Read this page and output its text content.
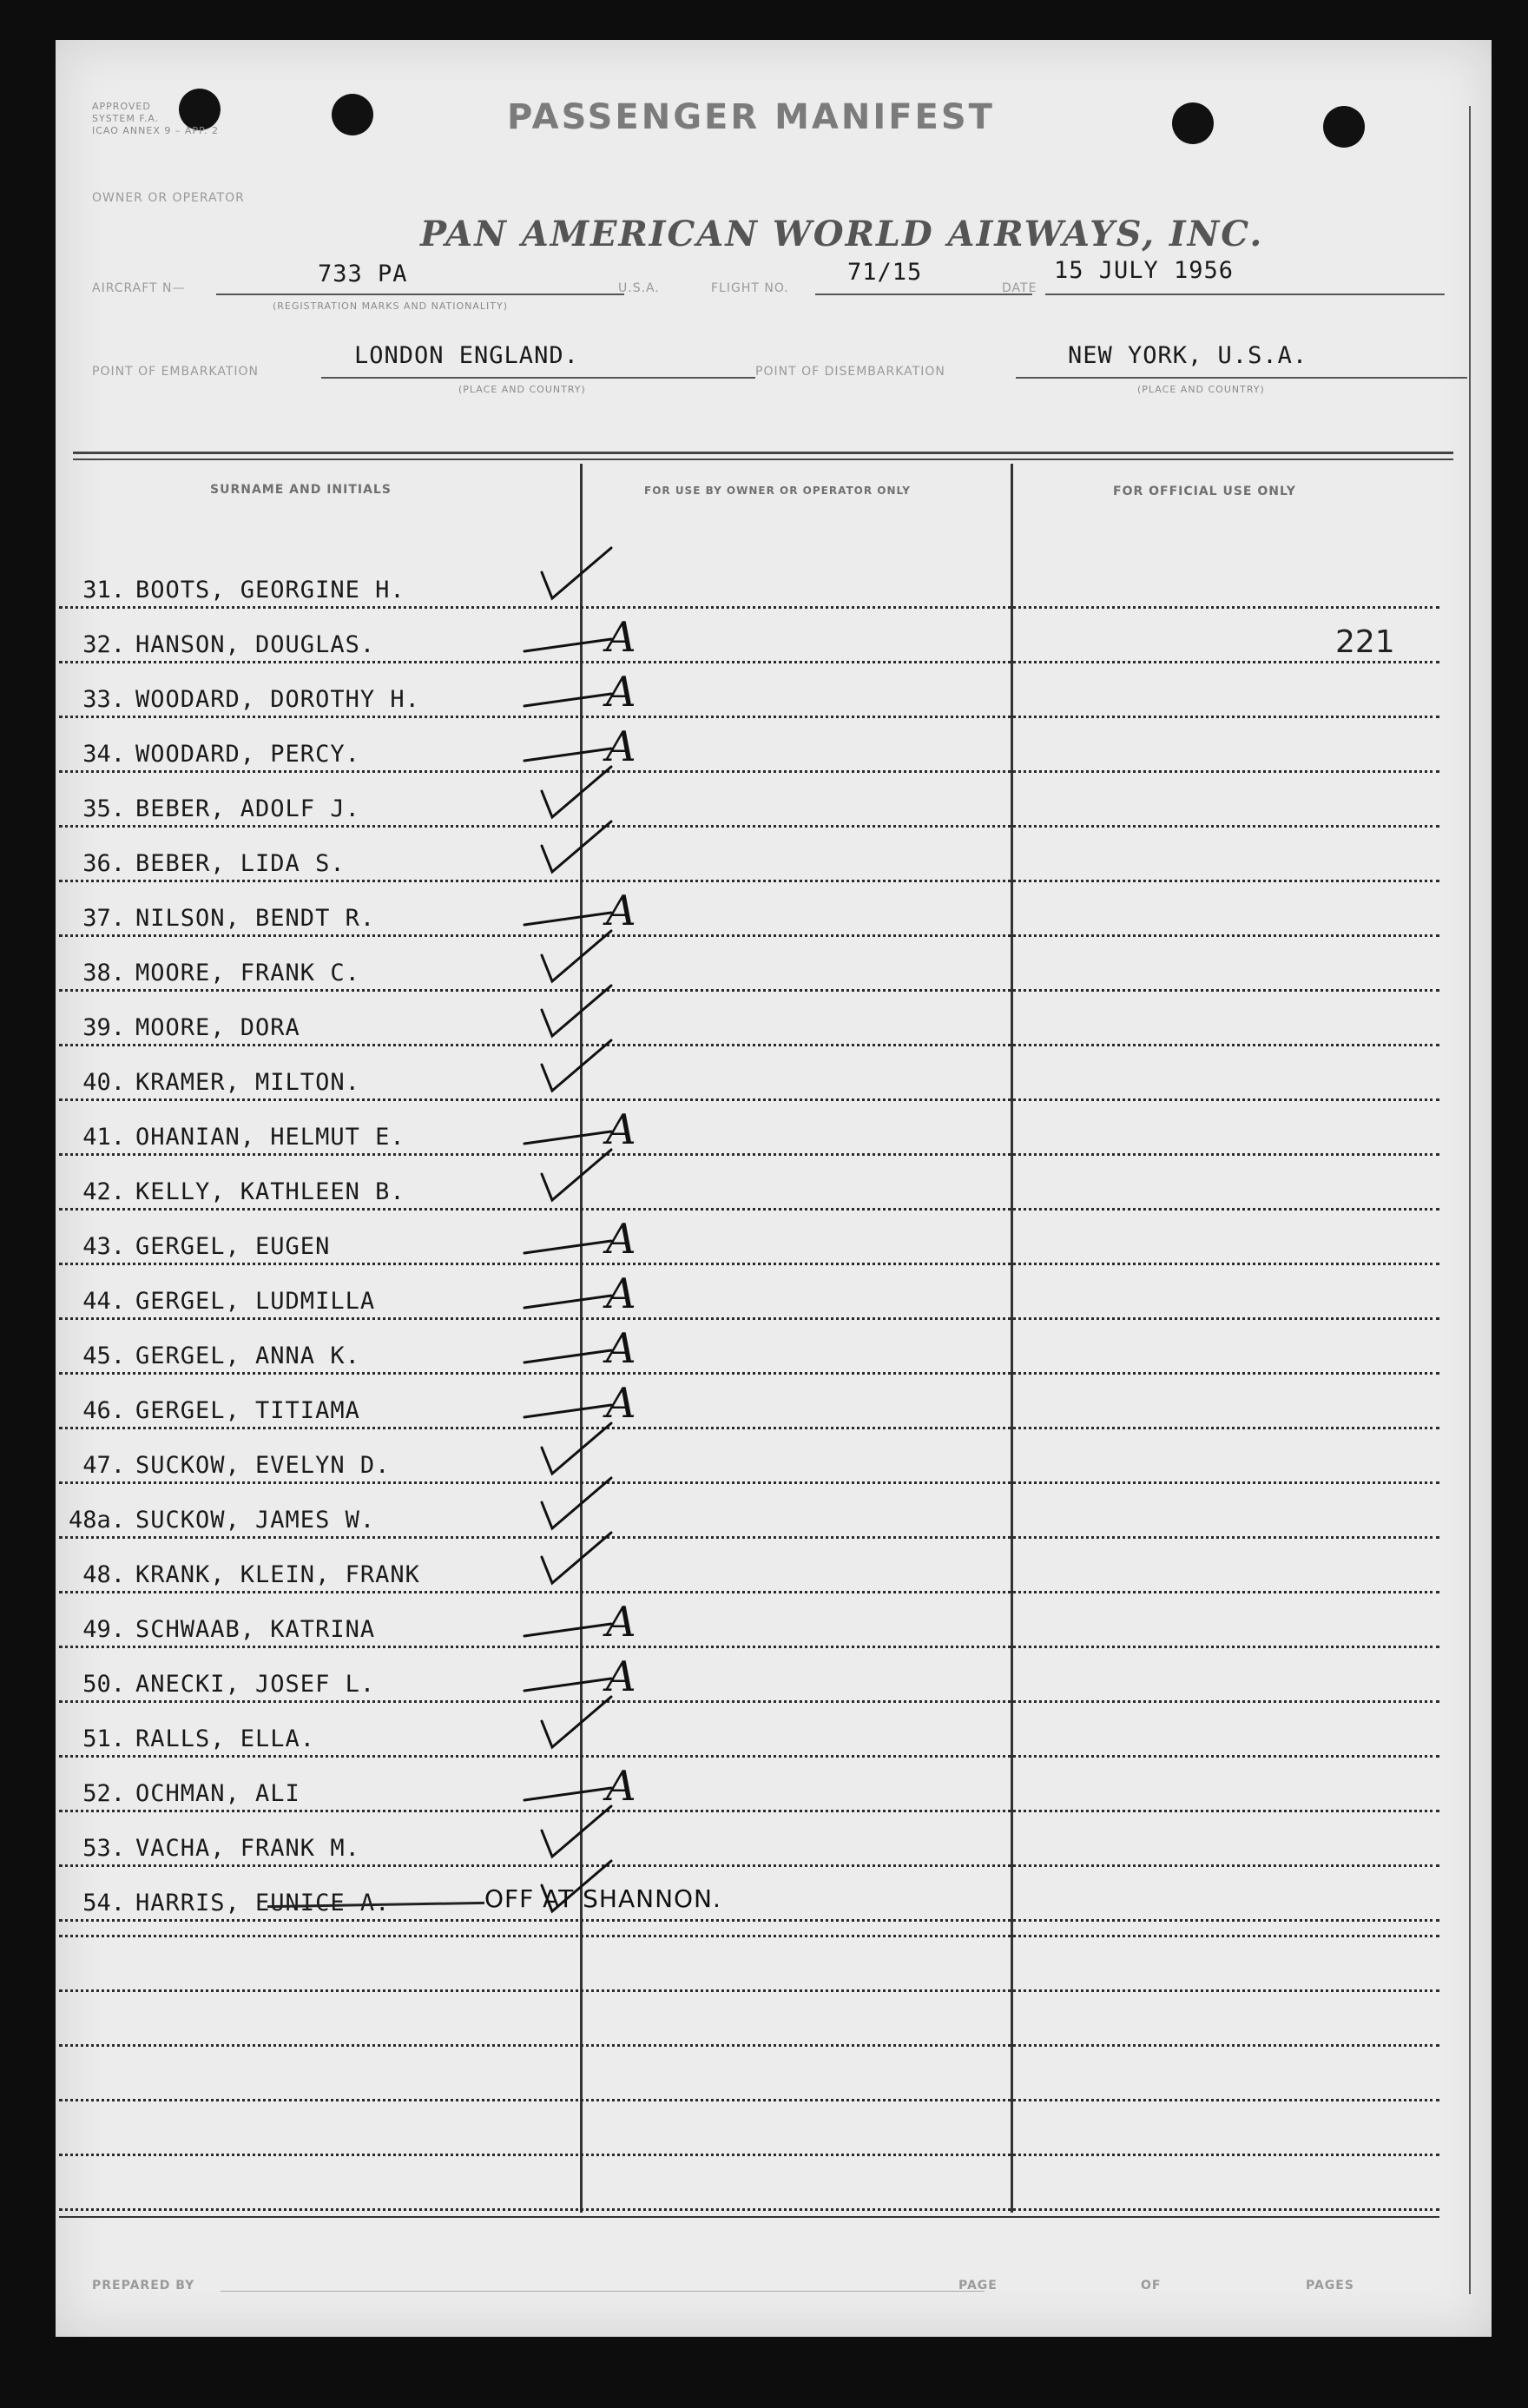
APPROVED
SYSTEM F.A.
ICAO ANNEX 9 – APP. 2	PASSENGER MANIFEST
OWNER OR OPERATOR
PAN AMERICAN WORLD AIRWAYS, INC.
AIRCRAFT N—
733 PA
(REGISTRATION MARKS AND NATIONALITY)
U.S.A.	FLIGHT NO.
71/15
DATE
15 JULY 1956
POINT OF EMBARKATION
LONDON ENGLAND.
(PLACE AND COUNTRY)
POINT OF DISEMBARKATION
NEW YORK, U.S.A.
(PLACE AND COUNTRY)
SURNAME AND INITIALS	FOR USE BY OWNER OR OPERATOR ONLY	FOR OFFICIAL USE ONLY
31. BOOTS, GEORGINE H.
32. HANSON, DOUGLAS.	A	221
33. WOODARD, DOROTHY H.	A
34. WOODARD, PERCY.	A
35. BEBER, ADOLF J.
36. BEBER, LIDA S.
37. NILSON, BENDT R.	A
38. MOORE, FRANK C.
39. MOORE, DORA
40. KRAMER, MILTON.
41. OHANIAN, HELMUT E.	A
42. KELLY, KATHLEEN B.
43. GERGEL, EUGEN	A
44. GERGEL, LUDMILLA	A
45. GERGEL, ANNA K.	A
46. GERGEL, TITIAMA	A
47. SUCKOW, EVELYN D.
48a. SUCKOW, JAMES W.
48. KRANK, KLEIN, FRANK
49. SCHWAAB, KATRINA	A
50. ANECKI, JOSEF L.	A
51. RALLS, ELLA.
52. OCHMAN, ALI	A
53. VACHA, FRANK M.
54. HARRIS, EUNICE A.	OFF AT SHANNON.
PREPARED BY	PAGE	OF	PAGES
